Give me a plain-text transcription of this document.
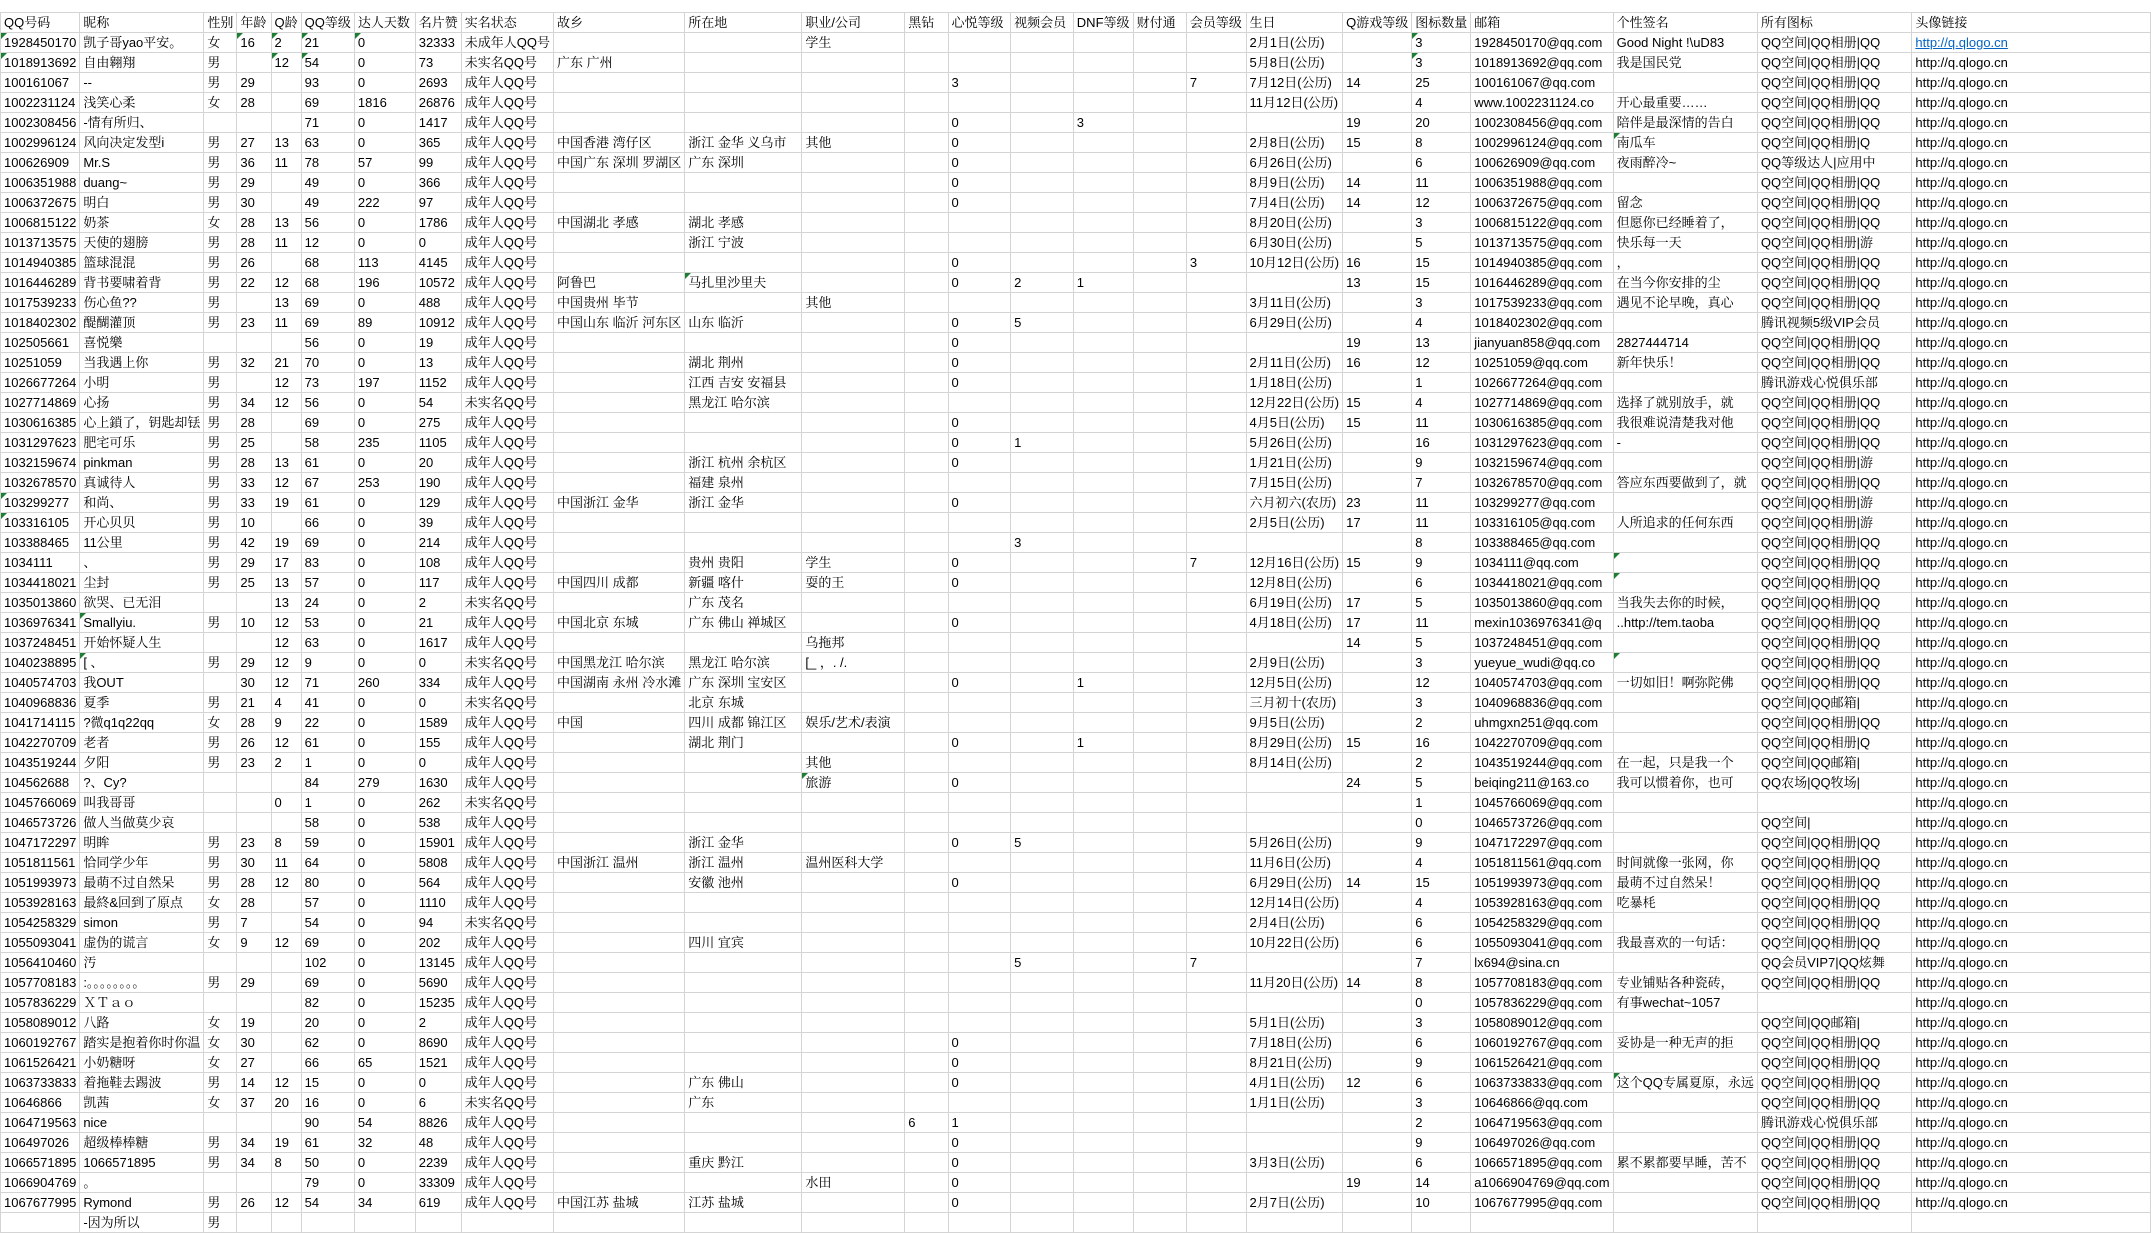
QQ号码	昵称	性别	年龄	Q龄	QQ等级	达人天数	名片赞	实名状态	故乡	所在地	职业/公司	黑钻	心悦等级	视频会员	DNF等级	财付通	会员等级	生日	Q游戏等级	图标数量	邮箱	个性签名	所有图标	头像链接

1928450170	凯子哥yao平安。	女	16	2	21	0	32333	未成年人QQ号			学生							2月1日(公历)		3	1928450170@qq.com	Good Night !\uD83	QQ空间|QQ相册|QQ	http://q.qlogo.cn

1018913692	自由翱翔	男		12	54	0	73	未实名QQ号	广东 广州									5月8日(公历)		3	1018913692@qq.com	我是国民党	QQ空间|QQ相册|QQ	http://q.qlogo.cn
100161067	--	男	29		93	0	2693	成年人QQ号					3				7	7月12日(公历)	14	25	100161067@qq.com		QQ空间|QQ相册|QQ	http://q.qlogo.cn
1002231124	浅笑心柔	女	28		69	1816	26876	成年人QQ号										11月12日(公历)		4	www.1002231124.co	开心最重要……	QQ空间|QQ相册|QQ	http://q.qlogo.cn
1002308456	-情有所归、				71	0	1417	成年人QQ号					0		3				19	20	1002308456@qq.com	陪伴是最深情的告白	QQ空间|QQ相册|QQ	http://q.qlogo.cn
1002996124	风向决定发型i	男	27	13	63	0	365	成年人QQ号	中国香港 湾仔区	浙江 金华 义乌市	其他		0					2月8日(公历)	15	8	1002996124@qq.com	南瓜车	QQ空间|QQ相册|Q	http://q.qlogo.cn
100626909	Mr.S	男	36	11	78	57	99	成年人QQ号	中国广东 深圳 罗湖区	广东 深圳			0					6月26日(公历)		6	100626909@qq.com	夜雨醉冷~	QQ等级达人|应用中	http://q.qlogo.cn
1006351988	duang~	男	29		49	0	366	成年人QQ号					0					8月9日(公历)	14	11	1006351988@qq.com		QQ空间|QQ相册|QQ	http://q.qlogo.cn
1006372675	明白	男	30		49	222	97	成年人QQ号					0					7月4日(公历)	14	12	1006372675@qq.com	留念	QQ空间|QQ相册|QQ	http://q.qlogo.cn
1006815122	奶茶	女	28	13	56	0	1786	成年人QQ号	中国湖北 孝感	湖北 孝感								8月20日(公历)		3	1006815122@qq.com	但愿你已经睡着了，	QQ空间|QQ相册|QQ	http://q.qlogo.cn
1013713575	天使的翅膀	男	28	11	12	0	0	成年人QQ号		浙江 宁波								6月30日(公历)		5	1013713575@qq.com	快乐每一天	QQ空间|QQ相册|游	http://q.qlogo.cn
1014940385	篮球混混	男	26		68	113	4145	成年人QQ号					0				3	10月12日(公历)	16	15	1014940385@qq.com	，	QQ空间|QQ相册|QQ	http://q.qlogo.cn
1016446289	背书要啸着背	男	22	12	68	196	10572	成年人QQ号	阿鲁巴	马扎里沙里夫			0	2	1				13	15	1016446289@qq.com	在当今你安排的尘	QQ空间|QQ相册|QQ	http://q.qlogo.cn
1017539233	伤心鱼??	男		13	69	0	488	成年人QQ号	中国贵州 毕节		其他							3月11日(公历)		3	1017539233@qq.com	遇见不论早晚，真心	QQ空间|QQ相册|QQ	http://q.qlogo.cn
1018402302	醍醐灌顶	男	23	11	69	89	10912	成年人QQ号	中国山东 临沂 河东区	山东 临沂			0	5				6月29日(公历)		4	1018402302@qq.com		腾讯视频5级VIP会员	http://q.qlogo.cn
102505661	喜悦樂				56	0	19	成年人QQ号					0						19	13	jianyuan858@qq.com	2827444714	QQ空间|QQ相册|QQ	http://q.qlogo.cn
10251059	当我遇上你	男	32	21	70	0	13	成年人QQ号		湖北 荆州			0					2月11日(公历)	16	12	10251059@qq.com	新年快乐！	QQ空间|QQ相册|QQ	http://q.qlogo.cn
1026677264	小明	男		12	73	197	1152	成年人QQ号		江西 吉安 安福县			0					1月18日(公历)		1	1026677264@qq.com		腾讯游戏心悦俱乐部	http://q.qlogo.cn
1027714869	心扬	男	34	12	56	0	54	未实名QQ号		黑龙江 哈尔滨								12月22日(公历)	15	4	1027714869@qq.com	选择了就别放手，就	QQ空间|QQ相册|QQ	http://q.qlogo.cn
1030616385	心上鎖了，钥匙却铥	男	28		69	0	275	成年人QQ号					0					4月5日(公历)	15	11	1030616385@qq.com	我很难说清楚我对他	QQ空间|QQ相册|QQ	http://q.qlogo.cn
1031297623	肥宅可乐	男	25		58	235	1105	成年人QQ号					0	1				5月26日(公历)		16	1031297623@qq.com	-	QQ空间|QQ相册|QQ	http://q.qlogo.cn
1032159674	pinkman	男	28	13	61	0	20	成年人QQ号		浙江 杭州 余杭区			0					1月21日(公历)		9	1032159674@qq.com		QQ空间|QQ相册|游	http://q.qlogo.cn
1032678570	真诚待人	男	33	12	67	253	190	成年人QQ号		福建 泉州								7月15日(公历)		7	1032678570@qq.com	答应东西要做到了，就	QQ空间|QQ相册|QQ	http://q.qlogo.cn

103299277	和尚、	男	33	19	61	0	129	成年人QQ号	中国浙江 金华	浙江 金华			0					六月初六(农历)	23	11	103299277@qq.com		QQ空间|QQ相册|游	http://q.qlogo.cn

103316105	开心贝贝	男	10		66	0	39	成年人QQ号										2月5日(公历)	17	11	103316105@qq.com	人所追求的任何东西	QQ空间|QQ相册|游	http://q.qlogo.cn
103388465	11公里	男	42	19	69	0	214	成年人QQ号						3						8	103388465@qq.com		QQ空间|QQ相册|QQ	http://q.qlogo.cn
1034111	、	男	29	17	83	0	108	成年人QQ号		贵州 贵阳	学生		0				7	12月16日(公历)	15	9	1034111@qq.com		QQ空间|QQ相册|QQ	http://q.qlogo.cn
1034418021	尘封	男	25	13	57	0	117	成年人QQ号	中国四川 成都	新疆 喀什	耍的王		0					12月8日(公历)		6	1034418021@qq.com		QQ空间|QQ相册|QQ	http://q.qlogo.cn
1035013860	欲哭、已无泪			13	24	0	2	未实名QQ号		广东 茂名								6月19日(公历)	17	5	1035013860@qq.com	当我失去你的时候，	QQ空间|QQ相册|QQ	http://q.qlogo.cn
1036976341	Smallyiu.	男	10	12	53	0	21	成年人QQ号	中国北京 东城	广东 佛山 禅城区			0					4月18日(公历)	17	11	mexin1036976341@q	..http://tem.taoba	QQ空间|QQ相册|QQ	http://q.qlogo.cn
1037248451	开始怀疑人生			12	63	0	1617	成年人QQ号			乌拖邦								14	5	1037248451@qq.com		QQ空间|QQ相册|QQ	http://q.qlogo.cn
1040238895	[ 、	男	29	12	9	0	0	未实名QQ号	中国黑龙江 哈尔滨	黑龙江 哈尔滨	[_ ，. /.							2月9日(公历)		3	yueyue_wudi@qq.co		QQ空间|QQ相册|QQ	http://q.qlogo.cn
1040574703	我OUT		30	12	71	260	334	成年人QQ号	中国湖南 永州 冷水滩	广东 深圳 宝安区			0		1			12月5日(公历)		12	1040574703@qq.com	一切如旧！啊弥陀佛	QQ空间|QQ相册|QQ	http://q.qlogo.cn
1040968836	夏季	男	21	4	41	0	0	未实名QQ号		北京 东城								三月初十(农历)		3	1040968836@qq.com		QQ空间|QQ邮箱|	http://q.qlogo.cn
1041714115	?微q1q22qq	女	28	9	22	0	1589	成年人QQ号	中国	四川 成都 锦江区	娱乐/艺术/表演							9月5日(公历)		2	uhmgxn251@qq.com		QQ空间|QQ相册|QQ	http://q.qlogo.cn
1042270709	老者	男	26	12	61	0	155	成年人QQ号		湖北 荆门			0		1			8月29日(公历)	15	16	1042270709@qq.com		QQ空间|QQ相册|Q	http://q.qlogo.cn
1043519244	夕阳	男	23	2	1	0	0	成年人QQ号			其他							8月14日(公历)		2	1043519244@qq.com	在一起，只是我一个	QQ空间|QQ邮箱|	http://q.qlogo.cn
104562688	?、Cy?				84	279	1630	成年人QQ号			旅游		0						24	5	beiqing211@163.co	我可以惯着你，也可	QQ农场|QQ牧场|	http://q.qlogo.cn
1045766069	叫我哥哥			0	1	0	262	未实名QQ号												1	1045766069@qq.com			http://q.qlogo.cn
1046573726	做人当做莫少哀				58	0	538	成年人QQ号												0	1046573726@qq.com		QQ空间|	http://q.qlogo.cn
1047172297	明眸	男	23	8	59	0	15901	成年人QQ号		浙江 金华			0	5				5月26日(公历)		9	1047172297@qq.com		QQ空间|QQ相册|QQ	http://q.qlogo.cn
1051811561	恰同学少年	男	30	11	64	0	5808	成年人QQ号	中国浙江 温州	浙江 温州	温州医科大学							11月6日(公历)		4	1051811561@qq.com	时间就像一张网，你	QQ空间|QQ相册|QQ	http://q.qlogo.cn
1051993973	最萌不过自然呆	男	28	12	80	0	564	成年人QQ号		安徽 池州			0					6月29日(公历)	14	15	1051993973@qq.com	最萌不过自然呆！	QQ空间|QQ相册|QQ	http://q.qlogo.cn
1053928163	最終&回到了原点	女	28		57	0	1110	成年人QQ号										12月14日(公历)		4	1053928163@qq.com	吃暴枆	QQ空间|QQ相册|QQ	http://q.qlogo.cn
1054258329	simon	男	7		54	0	94	未实名QQ号										2月4日(公历)		6	1054258329@qq.com		QQ空间|QQ相册|QQ	http://q.qlogo.cn
1055093041	虚伪的谎言	女	9	12	69	0	202	成年人QQ号		四川 宜宾								10月22日(公历)		6	1055093041@qq.com	我最喜欢的一句话：	QQ空间|QQ相册|QQ	http://q.qlogo.cn
1056410460	汚				102	0	13145	成年人QQ号						5			7			7	lx694@sina.cn		QQ会员VIP7|QQ炫舞	http://q.qlogo.cn
1057708183	:。。。。。。。。	男	29		69	0	5690	成年人QQ号										11月20日(公历)	14	8	1057708183@qq.com	专业铺贴各种瓷砖，	QQ空间|QQ相册|QQ	http://q.qlogo.cn
1057836229	ＸＴａｏ				82	0	15235	成年人QQ号												0	1057836229@qq.com	有事wechat~1057		http://q.qlogo.cn
1058089012	八路	女	19		20	0	2	成年人QQ号										5月1日(公历)		3	1058089012@qq.com		QQ空间|QQ邮箱|	http://q.qlogo.cn
1060192767	踏实是抱着你时你温	女	30		62	0	8690	成年人QQ号					0					7月18日(公历)		6	1060192767@qq.com	妥协是一种无声的拒	QQ空间|QQ相册|QQ	http://q.qlogo.cn
1061526421	小奶糖呀	女	27		66	65	1521	成年人QQ号					0					8月21日(公历)		9	1061526421@qq.com		QQ空间|QQ相册|QQ	http://q.qlogo.cn
1063733833	着拖鞋去踢波	男	14	12	15	0	0	成年人QQ号		广东 佛山			0					4月1日(公历)	12	6	1063733833@qq.com	这个QQ专属夏原，永远	QQ空间|QQ相册|QQ	http://q.qlogo.cn
10646866	凯茜	女	37	20	16	0	6	未实名QQ号		广东								1月1日(公历)		3	10646866@qq.com		QQ空间|QQ相册|QQ	http://q.qlogo.cn
1064719563	nice				90	54	8826	成年人QQ号				6	1							2	1064719563@qq.com		腾讯游戏心悦俱乐部	http://q.qlogo.cn
106497026	超级棒棒糖	男	34	19	61	32	48	成年人QQ号					0							9	106497026@qq.com		QQ空间|QQ相册|QQ	http://q.qlogo.cn
1066571895	1066571895	男	34	8	50	0	2239	成年人QQ号		重庆 黔江			0					3月3日(公历)		6	1066571895@qq.com	累不累都要早睡，苦不	QQ空间|QQ相册|QQ	http://q.qlogo.cn
1066904769	。				79	0	33309	成年人QQ号			水田		0						19	14	a1066904769@qq.com		QQ空间|QQ相册|QQ	http://q.qlogo.cn
1067677995	Rymond	男	26	12	54	34	619	成年人QQ号	中国江苏 盐城	江苏 盐城			0					2月7日(公历)		10	1067677995@qq.com		QQ空间|QQ相册|QQ	http://q.qlogo.cn
	-因为所以	男																						
